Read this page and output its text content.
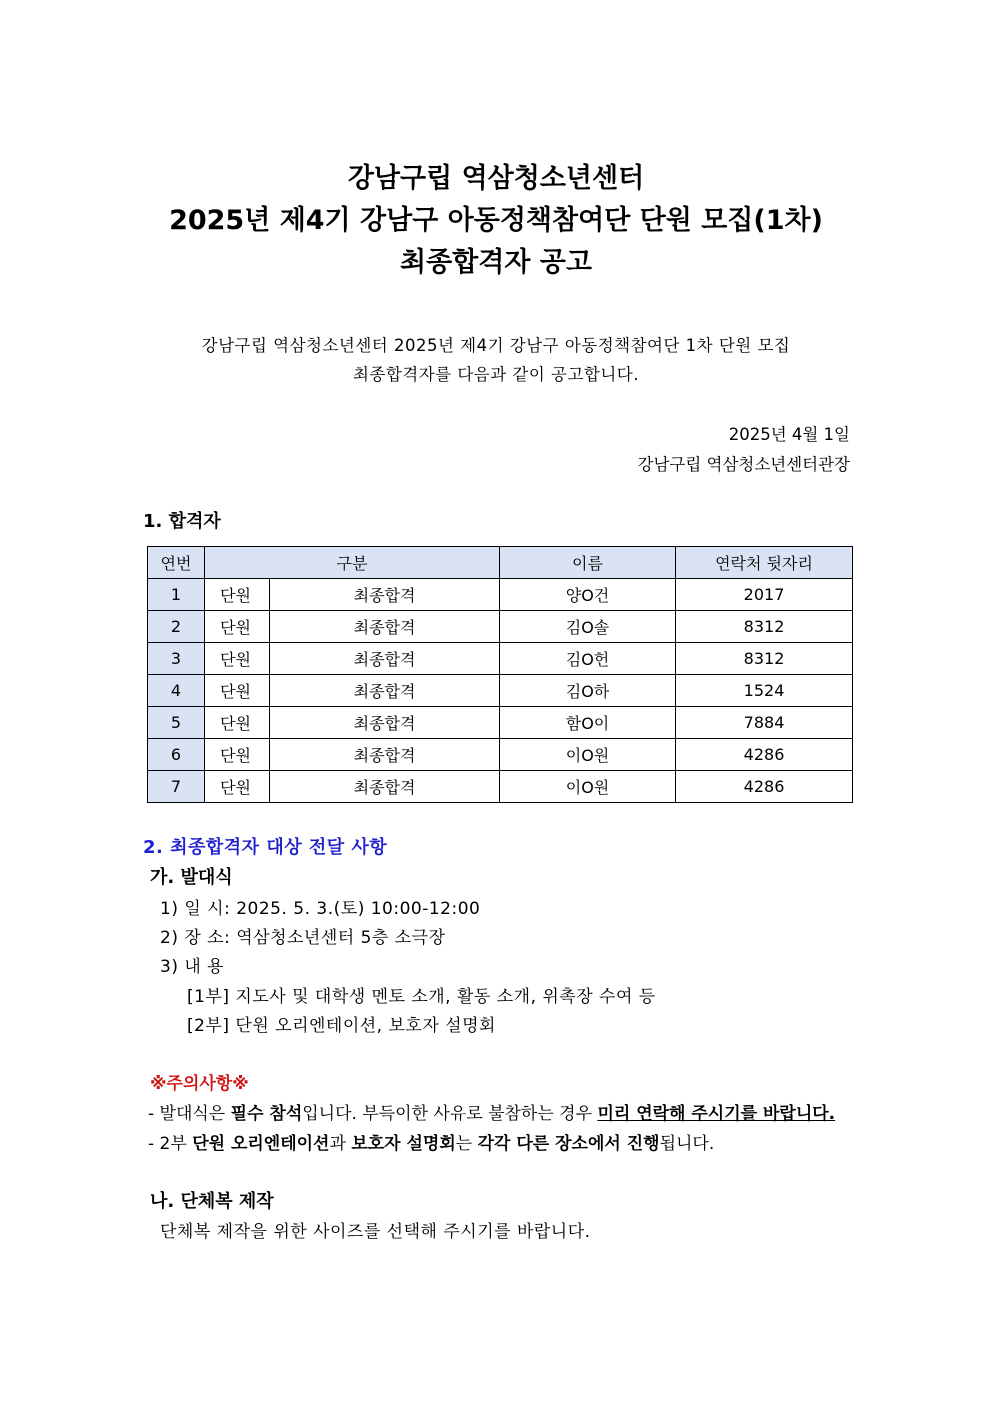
강남구립 역삼청소년센터
2025년 제4기 강남구 아동정책참여단 단원 모집(1차)
최종합격자 공고
강남구립 역삼청소년센터 2025년 제4기 강남구 아동정책참여단 1차 단원 모집
최종합격자를 다음과 같이 공고합니다.
2025년 4월 1일
강남구립 역삼청소년센터관장
1. 합격자
연번	구분		이름	연락처 뒷자리
1	단원	최종합격	양O건	2017
2	단원	최종합격	김O솔	8312
3	단원	최종합격	김O헌	8312
4	단원	최종합격	김O하	1524
5	단원	최종합격	함O이	7884
6	단원	최종합격	이O원	4286
7	단원	최종합격	이O원	4286
2. 최종합격자 대상 전달 사항
가. 발대식
1) 일 시: 2025. 5. 3.(토) 10:00-12:00
2) 장 소: 역삼청소년센터 5층 소극장
3) 내 용
[1부] 지도사 및 대학생 멘토 소개, 활동 소개, 위촉장 수여 등
[2부] 단원 오리엔테이션, 보호자 설명회
※주의사항※
- 발대식은 필수 참석입니다. 부득이한 사유로 불참하는 경우 미리 연락해 주시기를 바랍니다.
- 2부 단원 오리엔테이션과 보호자 설명회는 각각 다른 장소에서 진행됩니다.
나. 단체복 제작
단체복 제작을 위한 사이즈를 선택해 주시기를 바랍니다.
